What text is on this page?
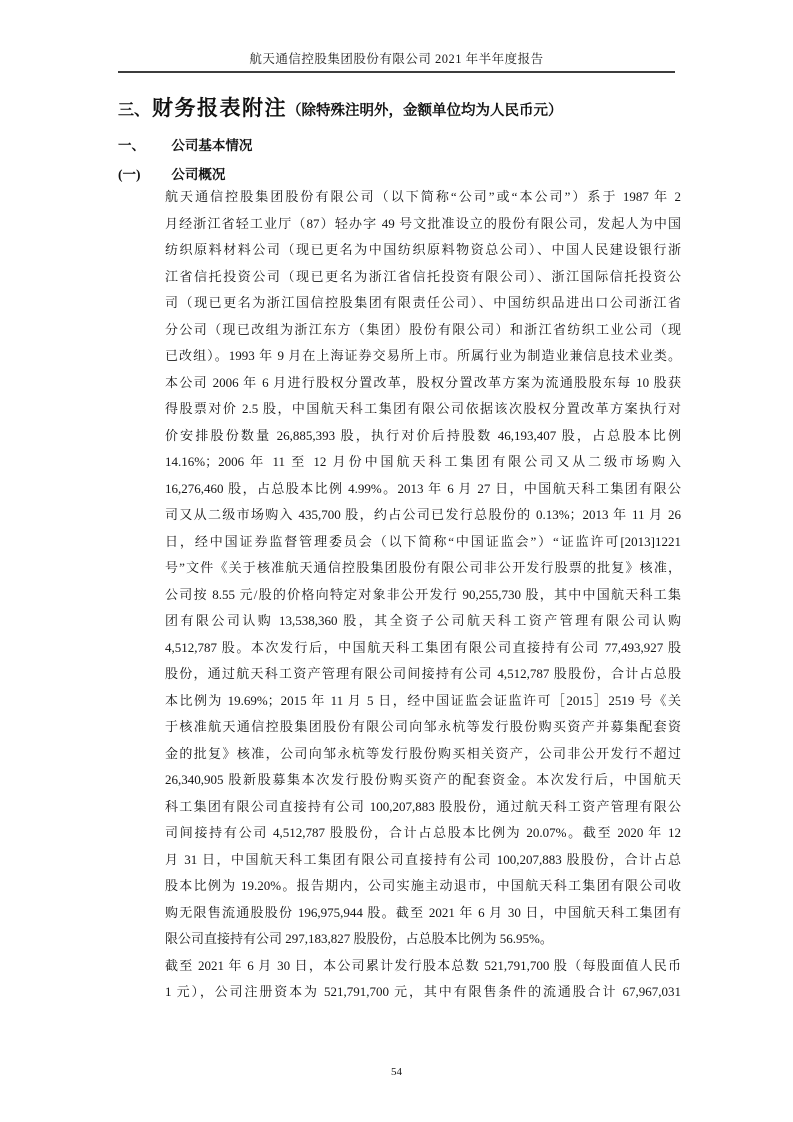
航天通信控股集团股份有限公司 2021 年半年度报告
三、 财务报表附注 （除特殊注明外，金额单位均为人民币元）
一、 公司基本情况
(一) 公司概况
航天通信控股集团股份有限公司（以下简称“公司”或“本公司”）系于 1987 年 2
月经浙江省轻工业厅（87）轻办字 49 号文批准设立的股份有限公司，发起人为中国
纺织原料材料公司（现已更名为中国纺织原料物资总公司）、中国人民建设银行浙
江省信托投资公司（现已更名为浙江省信托投资有限公司）、浙江国际信托投资公
司（现已更名为浙江国信控股集团有限责任公司）、中国纺织品进出口公司浙江省
分公司（现已改组为浙江东方（集团）股份有限公司）和浙江省纺织工业公司（现
已改组）。1993 年 9 月在上海证券交易所上市。所属行业为制造业兼信息技术业类。
本公司 2006 年 6 月进行股权分置改革，股权分置改革方案为流通股股东每 10 股获
得股票对价 2.5 股，中国航天科工集团有限公司依据该次股权分置改革方案执行对
价安排股份数量 26,885,393 股，执行对价后持股数 46,193,407 股，占总股本比例
14.16%；2006 年 11 至 12 月份中国航天科工集团有限公司又从二级市场购入
16,276,460 股，占总股本比例 4.99%。2013 年 6 月 27 日，中国航天科工集团有限公
司又从二级市场购入 435,700 股，约占公司已发行总股份的 0.13%；2013 年 11 月 26
日，经中国证券监督管理委员会（以下简称“中国证监会”）“证监许可[2013]1221
号”文件《关于核准航天通信控股集团股份有限公司非公开发行股票的批复》核准，
公司按 8.55 元/股的价格向特定对象非公开发行 90,255,730 股，其中中国航天科工集
团有限公司认购 13,538,360 股，其全资子公司航天科工资产管理有限公司认购
4,512,787 股。本次发行后，中国航天科工集团有限公司直接持有公司 77,493,927 股
股份，通过航天科工资产管理有限公司间接持有公司 4,512,787 股股份，合计占总股
本比例为 19.69%；2015 年 11 月 5 日，经中国证监会证监许可［2015］2519 号《关
于核准航天通信控股集团股份有限公司向邹永杭等发行股份购买资产并募集配套资
金的批复》核准，公司向邹永杭等发行股份购买相关资产，公司非公开发行不超过
26,340,905 股新股募集本次发行股份购买资产的配套资金。本次发行后，中国航天
科工集团有限公司直接持有公司 100,207,883 股股份，通过航天科工资产管理有限公
司间接持有公司 4,512,787 股股份，合计占总股本比例为 20.07%。截至 2020 年 12
月 31 日，中国航天科工集团有限公司直接持有公司 100,207,883 股股份，合计占总
股本比例为 19.20%。报告期内，公司实施主动退市，中国航天科工集团有限公司收
购无限售流通股股份 196,975,944 股。截至 2021 年 6 月 30 日，中国航天科工集团有
限公司直接持有公司 297,183,827 股股份，占总股本比例为 56.95%。
截至 2021 年 6 月 30 日，本公司累计发行股本总数 521,791,700 股（每股面值人民币
1 元），公司注册资本为 521,791,700 元，其中有限售条件的流通股合计 67,967,031
54
